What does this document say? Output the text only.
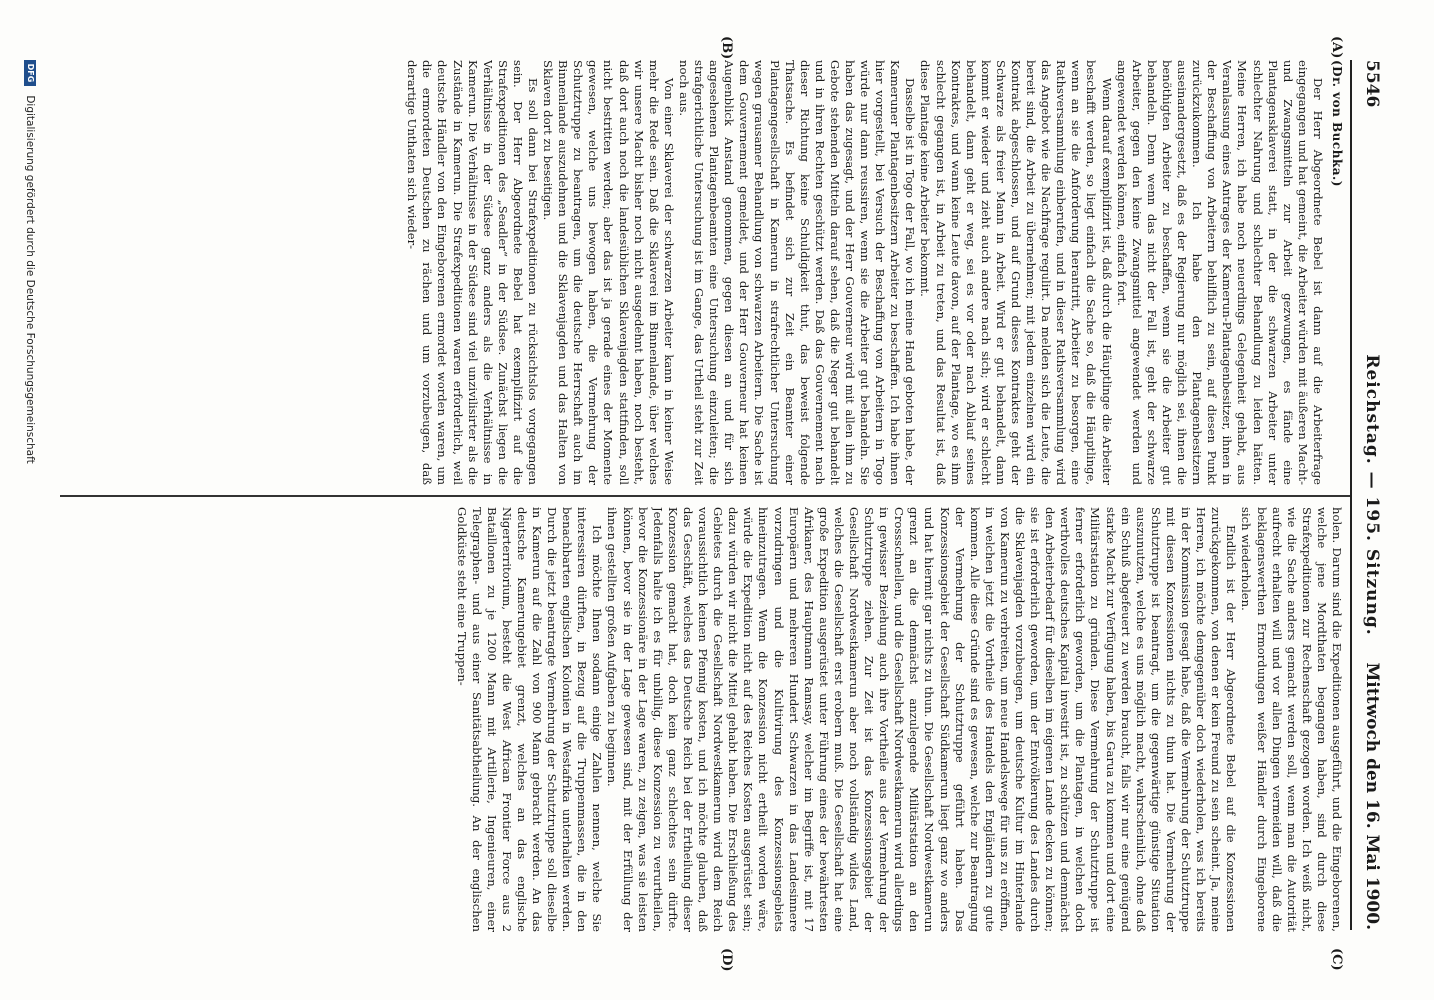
5546
Reichstag. — 195. Sitzung.
Mittwoch den 16. Mai 1900.
(A)
(B)
(C)
(D)
(Dr. von Buchka.)

Der Herr Abgeordnete Bebel ist dann auf die Arbeiterfrage eingegangen und hat gemeint, die Arbeiter würden mit äußeren Macht- und Zwangsmitteln zur Arbeit gezwungen, es fände eine Plantagensklaverei statt, in der die schwarzen Arbeiter unter schlechter Nahrung und schlechter Behandlung zu leiden hätten. Meine Herren, ich habe noch neuerdings Gelegenheit gehabt, aus Veranlassung eines Antrages der Kamerun-Plantagenbesitzer, ihnen in der Beschaffung von Arbeitern behilflich zu sein, auf diesen Punkt zurückzukommen. Ich habe den Plantagenbesitzern auseinandergesetzt, daß es der Regierung nur möglich sei, ihnen die benöthigten Arbeiter zu beschaffen, wenn sie die Arbeiter gut behandeln. Denn wenn das nicht der Fall ist, geht der schwarze Arbeiter, gegen den keine Zwangsmittel angewendet werden und angewendet werden können, einfach fort.

Wenn darauf exemplifizirt ist, daß durch die Häuptlinge die Arbeiter beschafft werden, so liegt einfach die Sache so, daß die Häuptlinge, wenn an sie die Anforderung herantritt, Arbeiter zu besorgen, eine Rathsversammlung einberufen, und in dieser Rathsversammlung wird das Angebot wie die Nachfrage regulirt. Da melden sich die Leute, die bereit sind, die Arbeit zu übernehmen; mit jedem einzelnen wird ein Kontrakt abgeschlossen, und auf Grund dieses Kontraktes geht der Schwarze als freier Mann in Arbeit. Wird er gut behandelt, dann kommt er wieder und zieht auch andere nach sich; wird er schlecht behandelt, dann geht er weg, sei es vor oder nach Ablauf seines Kontraktes, und wann keine Leute davon, auf der Plantage, wo es ihm schlecht gegangen ist, in Arbeit zu treten, und das Resultat ist, daß diese Plantage keine Arbeiter bekommt.

Dasselbe ist in Togo der Fall, wo ich meine Hand geboten habe, der Kameruner Plantagenbesitzern Arbeiter zu beschaffen. Ich habe ihnen hier vorgestellt, bei Versuch der Beschaffung von Arbeitern in Togo würde nur dann reussiren, wenn sie die Arbeiter gut behandeln. Sie haben das zugesagt, und der Herr Gouverneur wird mit allen ihm zu Gebote stehenden Mitteln darauf sehen, daß die Neger gut behandelt und in ihren Rechten geschützt werden. Daß das Gouvernement nach dieser Richtung keine Schuldigkeit thut, das beweist folgende Thatsache. Es befindet sich zur Zeit ein Beamter einer Plantagengesellschaft in Kamerun in strafrechtlicher Untersuchung wegen grausamer Behandlung von schwarzen Arbeitern. Die Sache ist dem Gouvernement gemeldet, und der Herr Gouverneur hat keinen Augenblick Anstand genommen, gegen diesen an und für sich angesehenen Plantagenbeamten eine Untersuchung einzuleiten; die strafgerichtliche Untersuchung ist im Gange, das Urtheil steht zur Zeit noch aus.

Von einer Sklaverei der schwarzen Arbeiter kann in keiner Weise mehr die Rede sein. Daß die Sklaverei im Binnenlande, über welches wir unsere Macht bisher noch nicht ausgedehnt haben, noch besteht, daß dort auch noch die landesüblichen Sklavenjagden stattfinden, soll nicht bestritten werden; aber das ist ja gerade eines der Momente gewesen, welche uns bewogen haben, die Vermehrung der Schutztruppe zu beantragen, um die deutsche Herrschaft auch im Binnenlande auszudehnen und die Sklavenjagden und das Halten von Sklaven dort zu beseitigen.

Es soll dann bei Strafexpeditionen zu rücksichtslos vorgegangen sein. Der Herr Abgeordnete Bebel hat exemplifizirt auf die Strafexpeditionen des „Seadler“ in der Südsee. Zunächst liegen die Verhältnisse in der Südsee ganz anders als die Verhältnisse in Kamerun. Die Verhältnisse in der Südsee sind viel unzivilisirter als die Zustände in Kamerun. Die Strafexpeditionen waren erforderlich, weil deutsche Händler von den Eingeborenen ermordet worden waren, um die ermordeten Deutschen zu rächen und um vorzubeugen, daß derartige Unthaten sich wieder-

holen. Darum sind die Expeditionen ausgeführt, und die Eingeborenen, welche jene Mordthaten begangen haben, sind durch diese Strafexpeditionen zur Rechenschaft gezogen worden. Ich weiß nicht, wie die Sache anders gemacht werden soll, wenn man die Autorität aufrecht erhalten will und vor allen Dingen vermeiden will, daß die beklagenswerthen Ermordungen weißer Händler durch Eingeborene sich wiederholen.

Endlich ist der Herr Abgeordnete Bebel auf die Konzessionen zurückgekommen, von denen er kein Freund zu sein scheint. Ja, meine Herren, ich möchte demgegenüber doch wiederholen, was ich bereits in der Kommission gesagt habe, daß die Vermehrung der Schutztruppe mit diesen Konzessionen nichts zu thun hat. Die Vermehrung der Schutztruppe ist beantragt, um die gegenwärtige günstige Situation auszunutzen, welche es uns möglich macht, wahrscheinlich, ohne daß ein Schuß abgefeuert zu werden braucht, falls wir nur eine genügend starke Macht zur Verfügung haben, bis Garua zu kommen und dort eine Militärstation zu gründen. Diese Vermehrung der Schutztruppe ist ferner erforderlich geworden, um die Plantagen, in welchen doch werthvolles deutsches Kapital investirt ist, zu schützen und demnächst den Arbeiterbedarf für dieselben im eigenen Lande decken zu können; sie ist erforderlich geworden, um der Entvölkerung des Landes durch die Sklavenjagden vorzubeugen, um deutsche Kultur im Hinterlande von Kamerun zu verbreiten, um neue Handelswege für uns zu eröffnen, in welchen jetzt die Vortheile des Handels den Engländern zu gute kommen. Alle diese Gründe sind es gewesen, welche zur Beantragung der Vermehrung der Schutztruppe geführt haben. Das Konzessionsgebiet der Gesellschaft Südkamerun liegt ganz wo anders und hat hiermit gar nichts zu thun. Die Gesellschaft Nordwestkamerun grenzt an die demnächst anzulegende Militärstation an den Crossschnellen, und die Gesellschaft Nordwestkamerun wird allerdings in gewisser Beziehung auch ihre Vortheile aus der Vermehrung der Schutztruppe ziehen. Zur Zeit ist das Konzessionsgebiet der Gesellschaft Nordwestkamerun aber noch vollständig wildes Land, welches die Gesellschaft erst erobern muß. Die Gesellschaft hat eine große Expedition ausgerüstet unter Führung eines der bewährtesten Afrikaner, des Hauptmann Ramsay, welcher im Begriffe ist, mit 17 Europäern und mehreren Hundert Schwarzen in das Landesinnere vorzudringen und die Kultivirung des Konzessionsgebiets hineinzutragen. Wenn die Konzession nicht ertheilt worden wäre, würde die Expedition nicht auf des Reiches Kosten ausgerüstet sein; dazu würden wir nicht die Mittel gehabt haben. Die Erschließung des Gebietes durch die Gesellschaft Nordwestkamerun wird dem Reich voraussichtlich keinen Pfennig kosten, und ich möchte glauben, daß das Geschäft, welches das Deutsche Reich bei der Ertheilung dieser Konzession gemacht hat, doch kein ganz schlechtes sein dürfte. Jedenfalls halte ich es für unbillig, diese Konzession zu verurtheilen, bevor die Konzessionäre in der Lage waren, zu zeigen, was sie leisten können, bevor sie in der Lage gewesen sind, mit der Erfüllung der ihnen gestellten großen Aufgaben zu beginnen.

Ich möchte Ihnen sodann einige Zahlen nennen, welche Sie interessiren dürften, in Bezug auf die Truppenmassen, die in den benachbarten englischen Kolonien in Westafrika unterhalten werden. Durch die jetzt beantragte Vermehrung der Schutztruppe soll dieselbe in Kamerun auf die Zahl von 900 Mann gebracht werden. An das deutsche Kamerungebiet grenzt, welches an das englische Nigerterritorium, besteht die West African Frontier Force aus 2 Bataillonen zu je 1200 Mann mit Artillerie, Ingenieuren, einer Telegraphen- und aus einer Sanitätsabtheilung. An der englischen Goldküste steht eine Truppen-

DFG Digitalisierung gefördert durch die Deutsche Forschungsgemeinschaft
